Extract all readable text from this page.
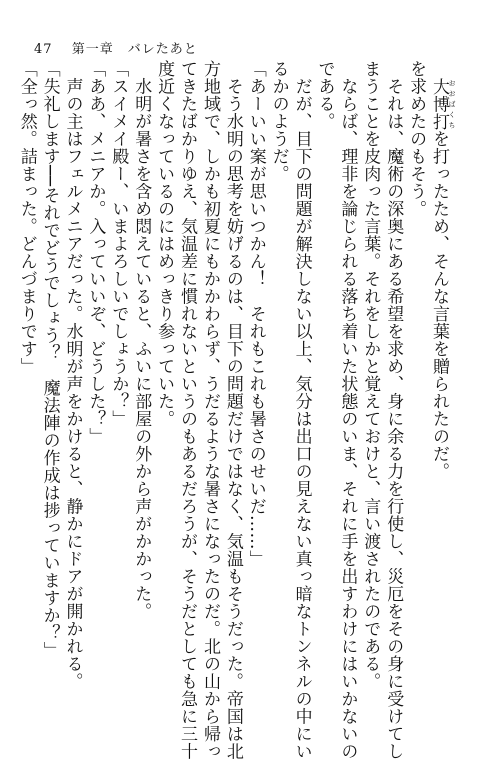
47 第一章　バレたあと
　大博打 おおばくちを打ったため、そんな言葉を贈られたのだ。
を求めたのもそう。
　それは、魔術の深奥にある希望を求め、身に余る力を行使し、災厄をその身に受けてし
まうことを皮肉った言葉。それをしかと覚えておけと、言い渡されたのである。
　ならば、理非を論じられる落ち着いた状態のいま、それに手を出すわけにはいかないの
である。
　だが、目下の問題が解決しない以上、気分は出口の見えない真っ暗なトンネルの中にい
るかのようだ。
「あーいい案が思いつかん！　それもこれも暑さのせいだ……」
　そう水明の思考を妨げるのは、目下の問題だけではなく、気温もそうだった。帝国は北
方地域で、しかも初夏にもかかわらず、うだるような暑さになったのだ。北の山から帰っ
てきたばかりゆえ、気温差に慣れないというのもあるだろうが、そうだとしても急に三十
度近くなっているのにはめっきり参っていた。
　水明が暑さを含め悶えていると、ふいに部屋の外から声がかかった。
「スイメイ殿ー、いまよろしいでしょうか？」
「ああ、メニアか。入っていいぞ、どうした？」
　声の主はフェルメニアだった。水明が声をかけると、静かにドアが開かれる。
「失礼します──それでどうでしょう？　魔法陣の作成は捗っていますか？」
「全っ然。詰まった。どんづまりです」
